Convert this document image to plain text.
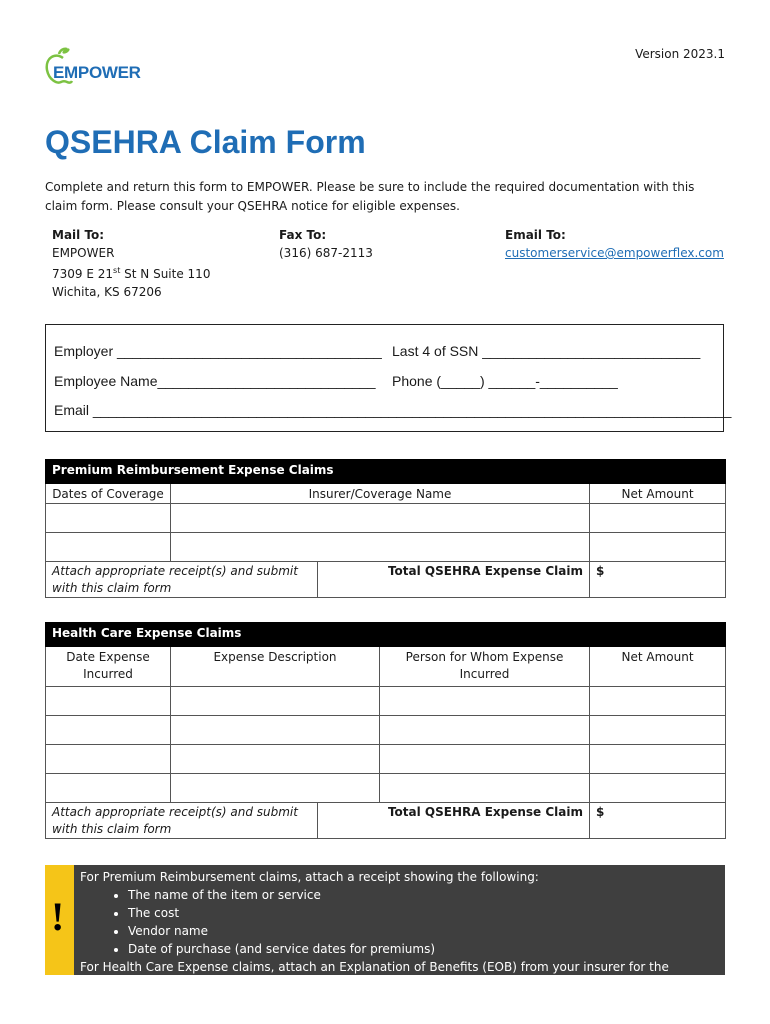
EMPOWER
Version 2023.1
QSEHRA Claim Form
Complete and return this form to EMPOWER. Please be sure to include the required documentation with this claim form. Please consult your QSEHRA notice for eligible expenses.
Mail To:
EMPOWER
7309 E 21st St N Suite 110
Wichita, KS 67206
Fax To:
(316) 687-2113
Email To:
customerservice@empowerflex.com
Employer __________________________________ Last 4 of SSN ____________________________
Employee Name____________________________ Phone (_____) ______-__________
Email __________________________________________________________________________________
Premium Reimbursement Expense Claims			
Dates of Coverage	Insurer/Coverage Name		Net Amount

Attach appropriate receipt(s) and submit with this claim form		Total QSEHRA Expense Claim	$
Health Care Expense Claims				
Date Expense Incurred	Expense Description		Person for Whom Expense Incurred	Net Amount

Attach appropriate receipt(s) and submit with this claim form		Total QSEHRA Expense Claim		$
!
For Premium Reimbursement claims, attach a receipt showing the following:
• The name of the item or service
• The cost
• Vendor name
• Date of purchase (and service dates for premiums)
For Health Care Expense claims, attach an Explanation of Benefits (EOB) from your insurer for the purchase
